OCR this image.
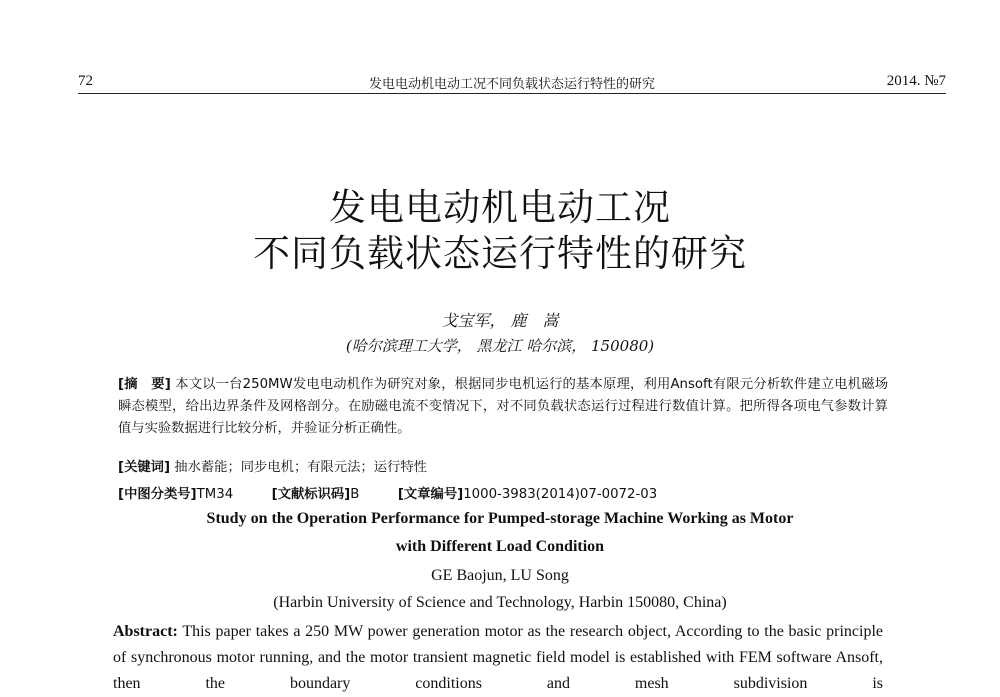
72	发电电动机电动工况不同负载状态运行特性的研究	2014. №7
发电电动机电动工况
不同负载状态运行特性的研究
戈宝军， 鹿　嵩
(哈尔滨理工大学， 黑龙江 哈尔滨， 150080)
[摘　要] 本文以一台250MW发电电动机作为研究对象，根据同步电机运行的基本原理，利用Ansoft有限元分析软件建立电机磁场瞬态模型，给出边界条件及网格剖分。在励磁电流不变情况下，对不同负载状态运行过程进行数值计算。把所得各项电气参数计算值与实验数据进行比较分析，并验证分析正确性。
[关键词] 抽水蓄能；同步电机；有限元法；运行特性
[中图分类号]TM34	[文献标识码]B	[文章编号]1000-3983(2014)07-0072-03
Study on the Operation Performance for Pumped-storage Machine Working as Motor
with Different Load Condition
GE Baojun, LU Song
(Harbin University of Science and Technology, Harbin 150080, China)
Abstract: This paper takes a 250 MW power generation motor as the research object, According to the basic principle of synchronous motor running, and the motor transient magnetic field model is established with FEM software Ansoft, then the boundary conditions and mesh subdivision is
